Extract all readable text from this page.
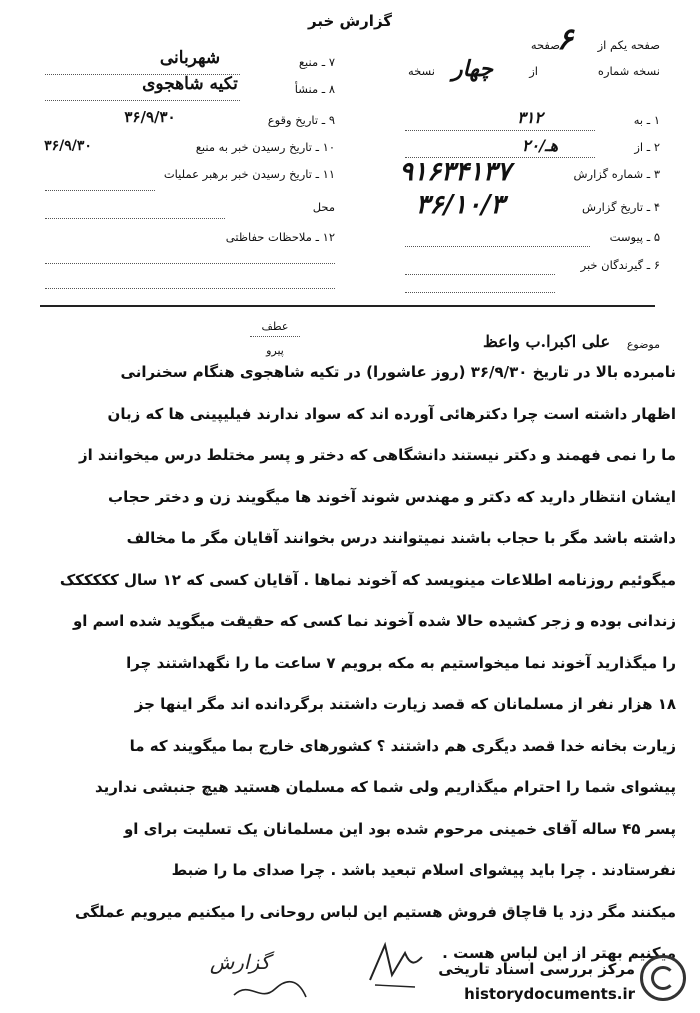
گزارش خبر
۷ ـ منبع
شهربانی
۸ ـ منشأ
تکیه شاهجوی
۹ ـ تاریخ وقوع
۳۶/۹/۳۰
۱۰ ـ تاریخ رسیدن خبر به منبع
۳۶/۹/۳۰
۱۱ ـ تاریخ رسیدن خبر برهبر عملیات
محل
۱۲ ـ ملاحظات حفاظتی
صفحه یکم از
صفحه
۶
نسخه شماره
از
نسخه چهار
۱ ـ به
۳۱۲
۲ ـ از
۲۰/هـ
۳ ـ شماره گزارش
۹۱۶۳۴۱۳۷
۴ ـ تاریخ گزارش
۳۶/۱۰/۳
۵ ـ پیوست
۶ ـ گیرندگان خبر
عطف
پیرو	موضوع
علی اکبرا.ب واعظ

نامبرده بالا در تاریخ ۳۶/۹/۳۰ (روز عاشورا) در تکیه شاهجوی هنگام سخنرانی

اظهار داشته است چرا دکترهائی آورده اند که سواد ندارند فیلیپینی ها که زبان

ما را نمی فهمند و دکتر نیستند دانشگاهی که دختر و پسر مختلط درس میخوانند از

ایشان انتظار دارید که دکتر و مهندس شوند آخوند ها میگویند زن و دختر حجاب

داشته باشد مگر با حجاب باشند نمیتوانند درس بخوانند آقایان مگر ما مخالف

میگوئیم روزنامه اطلاعات مینویسد که آخوند نماها . آقایان کسی که ۱۲ سال کککککک

زندانی بوده و زجر کشیده حالا شده آخوند نما کسی که حقیقت میگوید شده اسم او

را میگذارید آخوند نما میخواستیم به مکه برویم ۷ ساعت ما را نگهداشتند چرا

۱۸ هزار نفر از مسلمانان که قصد زیارت داشتند برگردانده اند مگر اینها جز

زیارت بخانه خدا قصد دیگری هم داشتند ؟ کشورهای خارج بما میگویند که ما

پیشوای شما را احترام میگذاریم ولی شما که مسلمان هستید هیچ جنبشی ندارید

پسر ۴۵ ساله آقای خمینی مرحوم شده بود این مسلمانان یک تسلیت برای او

نفرستادند . چرا باید پیشوای اسلام تبعید باشد . چرا صدای ما را ضبط

میکنند مگر دزد یا قاچاق فروش هستیم این لباس روحانی را میکنیم میرویم عملگی

میکنیم بهتر از این لباس هست .

گزارش	مرکز بررسی اسناد تاریخی
historydocuments.ir
